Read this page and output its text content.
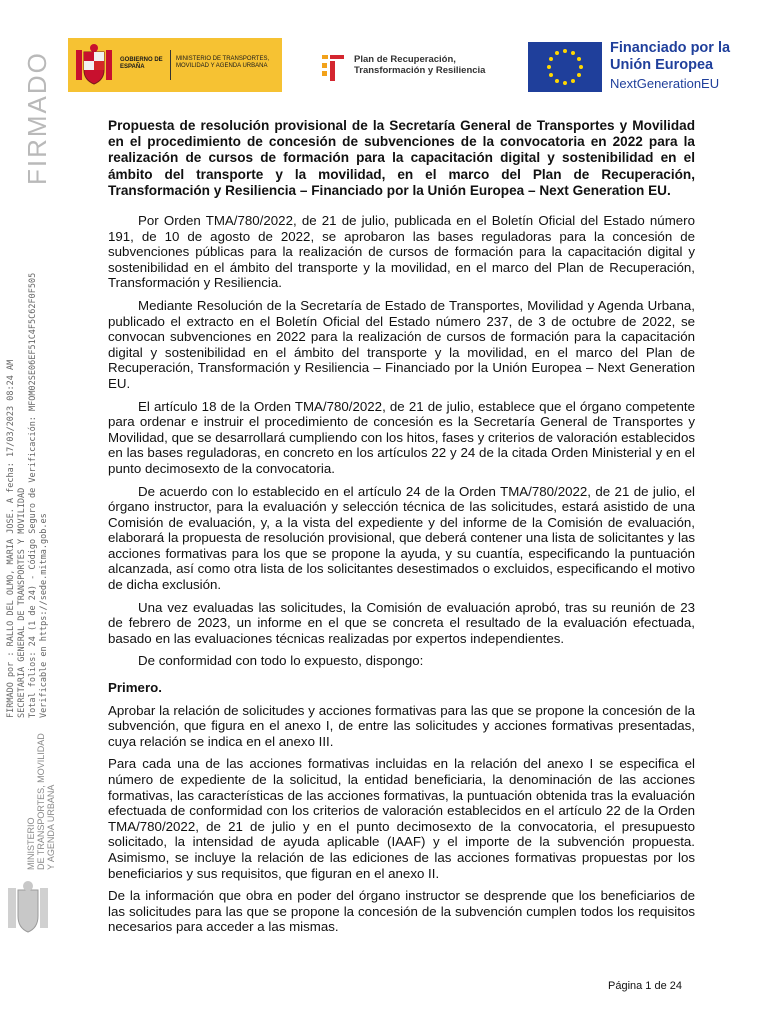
FIRMADO
FIRMADO por : RALLO DEL OLMO, MARIA JOSE. A fecha: 17/03/2023 08:24 AM SECRETARIA GENERAL DE TRANSPORTES Y MOVILIDAD Total folios: 24 (1 de 24) - Código Seguro de Verificación: MFOM02SE06EF51C4F5C62F0F505 Verificable en https://sede.mitma.gob.es
MINISTERIO DE TRANSPORTES, MOVILIDAD Y AGENDA URBANA
GOBIERNO DE ESPAÑA
MINISTERIO DE TRANSPORTES, MOVILIDAD Y AGENDA URBANA
Plan de Recuperación, Transformación y Resiliencia
Financiado por la Unión Europea
NextGenerationEU
Propuesta de resolución provisional de la Secretaría General de Transportes y Movilidad en el procedimiento de concesión de subvenciones de la convocatoria en 2022 para la realización de cursos de formación para la capacitación digital y sostenibilidad en el ámbito del transporte y la movilidad, en el marco del Plan de Recuperación, Transformación y Resiliencia – Financiado por la Unión Europea – Next Generation EU.

Por Orden TMA/780/2022, de 21 de julio, publicada en el Boletín Oficial del Estado número 191, de 10 de agosto de 2022, se aprobaron las bases reguladoras para la concesión de subvenciones públicas para la realización de cursos de formación para la capacitación digital y sostenibilidad en el ámbito del transporte y la movilidad, en el marco del Plan de Recuperación, Transformación y Resiliencia.

Mediante Resolución de la Secretaría de Estado de Transportes, Movilidad y Agenda Urbana, publicado el extracto en el Boletín Oficial del Estado número 237, de 3 de octubre de 2022, se convocan subvenciones en 2022 para la realización de cursos de formación para la capacitación digital y sostenibilidad en el ámbito del transporte y la movilidad, en el marco del Plan de Recuperación, Transformación y Resiliencia – Financiado por la Unión Europea – Next Generation EU.

El artículo 18 de la Orden TMA/780/2022, de 21 de julio, establece que el órgano competente para ordenar e instruir el procedimiento de concesión es la Secretaría General de Transportes y Movilidad, que se desarrollará cumpliendo con los hitos, fases y criterios de valoración establecidos en las bases reguladoras, en concreto en los artículos 22 y 24 de la citada Orden Ministerial y en el punto decimosexto de la convocatoria.

De acuerdo con lo establecido en el artículo 24 de la Orden TMA/780/2022, de 21 de julio, el órgano instructor, para la evaluación y selección técnica de las solicitudes, estará asistido de una Comisión de evaluación, y, a la vista del expediente y del informe de la Comisión de evaluación, elaborará la propuesta de resolución provisional, que deberá contener una lista de solicitantes y las acciones formativas para los que se propone la ayuda, y su cuantía, especificando la puntuación alcanzada, así como otra lista de los solicitantes desestimados o excluidos, especificando el motivo de dicha exclusión.

Una vez evaluadas las solicitudes, la Comisión de evaluación aprobó, tras su reunión de 23 de febrero de 2023, un informe en el que se concreta el resultado de la evaluación efectuada, basado en las evaluaciones técnicas realizadas por expertos independientes.

De conformidad con todo lo expuesto, dispongo:

Primero.

Aprobar la relación de solicitudes y acciones formativas para las que se propone la concesión de la subvención, que figura en el anexo I, de entre las solicitudes y acciones formativas presentadas, cuya relación se indica en el anexo III.

Para cada una de las acciones formativas incluidas en la relación del anexo I se especifica el número de expediente de la solicitud, la entidad beneficiaria, la denominación de las acciones formativas, las características de las acciones formativas, la puntuación obtenida tras la evaluación efectuada de conformidad con los criterios de valoración establecidos en el artículo 22 de la Orden TMA/780/2022, de 21 de julio y en el punto decimosexto de la convocatoria, el presupuesto solicitado, la intensidad de ayuda aplicable (IAAF) y el importe de la subvención propuesta. Asimismo, se incluye la relación de las ediciones de las acciones formativas propuestas por los beneficiarios y sus requisitos, que figuran en el anexo II.

De la información que obra en poder del órgano instructor se desprende que los beneficiarios de las solicitudes para las que se propone la concesión de la subvención cumplen todos los requisitos necesarios para acceder a las mismas.

Página 1 de 24
